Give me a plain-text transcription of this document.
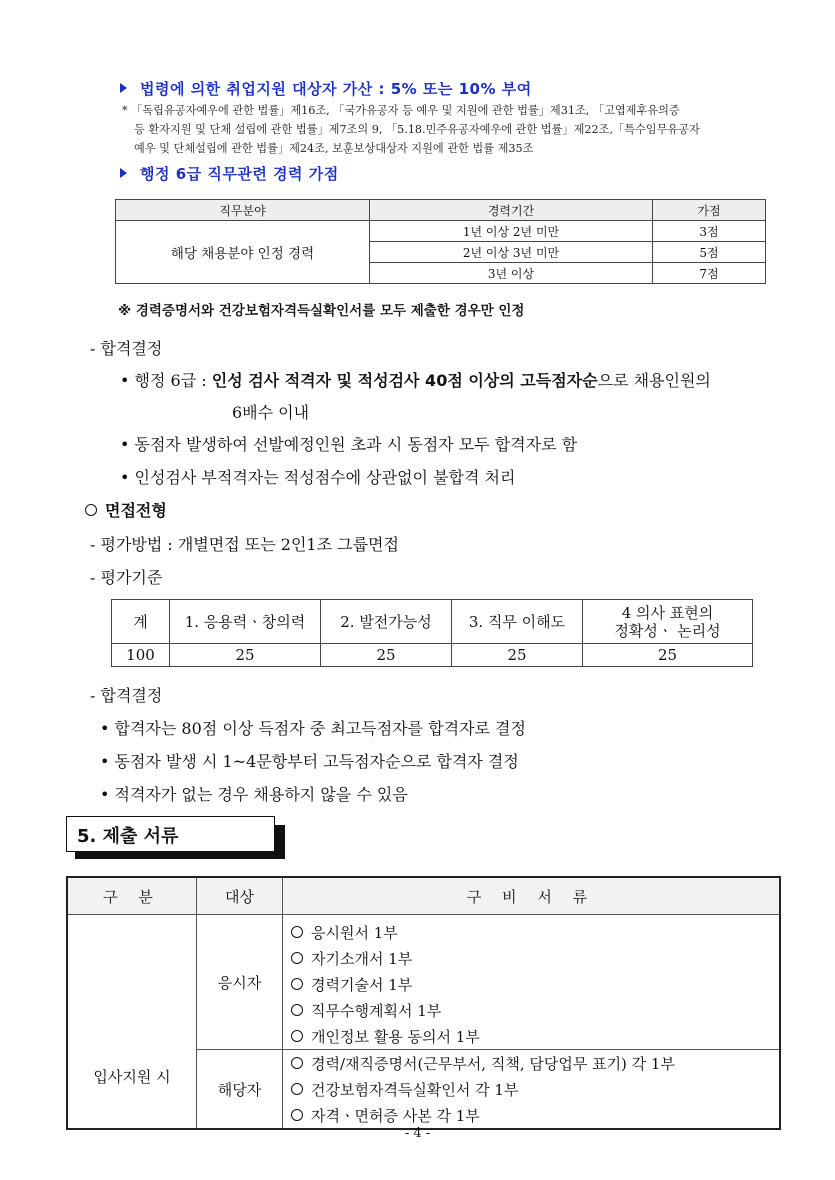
법령에 의한 취업지원 대상자 가산 : 5% 또는 10% 부여
* 「독립유공자예우에 관한 법률」제16조, 「국가유공자 등 예우 및 지원에 관한 법률」제31조, 「고엽제후유의증
등 환자지원 및 단체 설립에 관한 법률」제7조의 9, 「5.18.민주유공자예우에 관한 법률」제22조,「특수임무유공자
예우 및 단체설립에 관한 법률」제24조, 보훈보상대상자 지원에 관한 법률 제35조
행정 6급 직무관련 경력 가점
직무분야	경력기간	가점
해당 채용분야 인정 경력	1년 이상 2년 미만	3점
	2년 이상 3년 미만	5점
	3년 이상	7점
※ 경력증명서와 건강보험자격득실확인서를 모두 제출한 경우만 인정
- 합격결정
• 행정 6급 : 인성 검사 적격자 및 적성검사 40점 이상의 고득점자순으로 채용인원의
6배수 이내
• 동점자 발생하여 선발예정인원 초과 시 동점자 모두 합격자로 함
• 인성검사 부적격자는 적성점수에 상관없이 불합격 처리
면접전형
- 평가방법 : 개별면접 또는 2인1조 그룹면접
- 평가기준
계	1. 응용력ㆍ창의력	2. 발전가능성	3. 직무 이해도	4 의사 표현의
정확성ㆍ 논리성

100	25	25	25	25
- 합격결정
• 합격자는 80점 이상 득점자 중 최고득점자를 합격자로 결정
• 동점자 발생 시 1~4문항부터 고득점자순으로 합격자 결정
• 적격자가 없는 경우 채용하지 않을 수 있음
5. 제출 서류
구 분	대상	구 비 서 류
입사지원 시	응시자	응시원서 1부
		자기소개서 1부
		경력기술서 1부
		직무수행계획서 1부
		개인정보 활용 동의서 1부
	해당자	경력/재직증명서(근무부서, 직책, 담당업무 표기) 각 1부
		건강보험자격득실확인서 각 1부
		자격ㆍ면허증 사본 각 1부
- 4 -
